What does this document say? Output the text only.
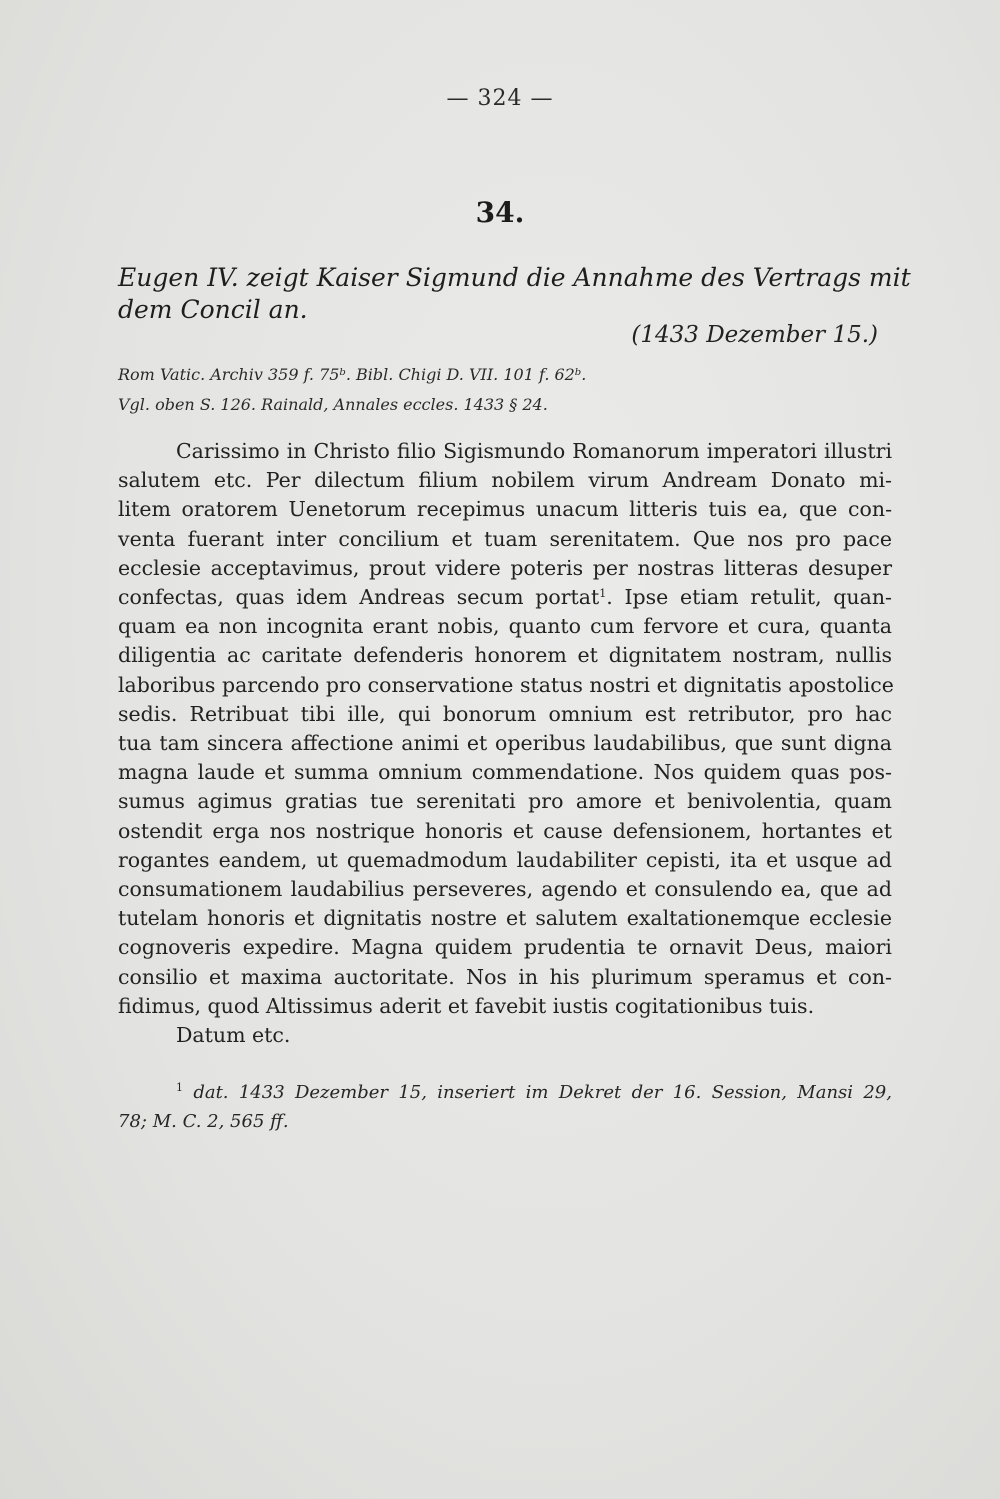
— 324 —
34.
Eugen IV. zeigt Kaiser Sigmund die Annahme des Vertrags mit
dem Concil an.
(1433 Dezember 15.)
Rom Vatic. Archiv 359 f. 75ᵇ. Bibl. Chigi D. VII. 101 f. 62ᵇ.
Vgl. oben S. 126. Rainald, Annales eccles. 1433 § 24.
Carissimo in Christo filio Sigismundo Romanorum imperatori illustri
salutem etc. Per dilectum filium nobilem virum Andream Donato mi-
litem oratorem Uenetorum recepimus unacum litteris tuis ea, que con-
venta fuerant inter concilium et tuam serenitatem. Que nos pro pace
ecclesie acceptavimus, prout videre poteris per nostras litteras desuper
confectas, quas idem Andreas secum portat$^1$. Ipse etiam retulit, quan-
quam ea non incognita erant nobis, quanto cum fervore et cura, quanta
diligentia ac caritate defenderis honorem et dignitatem nostram, nullis
laboribus parcendo pro conservatione status nostri et dignitatis apostolice
sedis. Retribuat tibi ille, qui bonorum omnium est retributor, pro hac
tua tam sincera affectione animi et operibus laudabilibus, que sunt digna
magna laude et summa omnium commendatione. Nos quidem quas pos-
sumus agimus gratias tue serenitati pro amore et benivolentia, quam
ostendit erga nos nostrique honoris et cause defensionem, hortantes et
rogantes eandem, ut quemadmodum laudabiliter cepisti, ita et usque ad
consumationem laudabilius perseveres, agendo et consulendo ea, que ad
tutelam honoris et dignitatis nostre et salutem exaltationemque ecclesie
cognoveris expedire. Magna quidem prudentia te ornavit Deus, maiori
consilio et maxima auctoritate. Nos in his plurimum speramus et con-
fidimus, quod Altissimus aderit et favebit iustis cogitationibus tuis.
Datum etc.
$^1$ dat. 1433 Dezember 15, inseriert im Dekret der 16. Session, Mansi 29,
78; M. C. 2, 565 ff.
